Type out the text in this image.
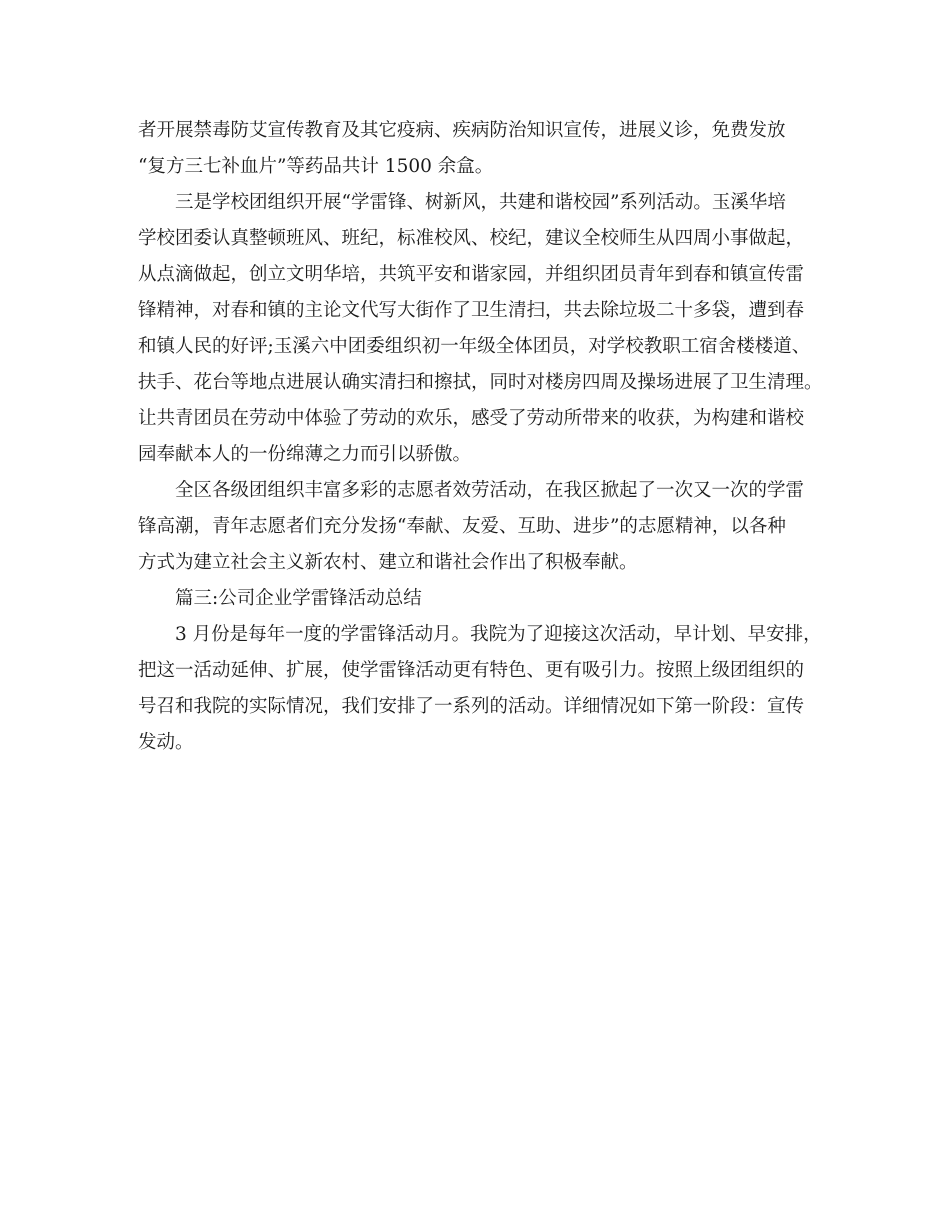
者开展禁毒防艾宣传教育及其它疫病、疾病防治知识宣传，进展义诊，免费发放
“复方三七补血片”等药品共计 1500 余盒。
三是学校团组织开展“学雷锋、树新风，共建和谐校园”系列活动。玉溪华培
学校团委认真整顿班风、班纪，标准校风、校纪，建议全校师生从四周小事做起，
从点滴做起，创立文明华培，共筑平安和谐家园，并组织团员青年到春和镇宣传雷
锋精神，对春和镇的主论文代写大街作了卫生清扫，共去除垃圾二十多袋，遭到春
和镇人民的好评;玉溪六中团委组织初一年级全体团员，对学校教职工宿舍楼楼道、
扶手、花台等地点进展认确实清扫和擦拭，同时对楼房四周及操场进展了卫生清理。
让共青团员在劳动中体验了劳动的欢乐，感受了劳动所带来的收获，为构建和谐校
园奉献本人的一份绵薄之力而引以骄傲。
全区各级团组织丰富多彩的志愿者效劳活动，在我区掀起了一次又一次的学雷
锋高潮，青年志愿者们充分发扬“奉献、友爱、互助、进步”的志愿精神，以各种
方式为建立社会主义新农村、建立和谐社会作出了积极奉献。
篇三:公司企业学雷锋活动总结
3 月份是每年一度的学雷锋活动月。我院为了迎接这次活动，早计划、早安排，
把这一活动延伸、扩展，使学雷锋活动更有特色、更有吸引力。按照上级团组织的
号召和我院的实际情况，我们安排了一系列的活动。详细情况如下第一阶段：宣传
发动。
